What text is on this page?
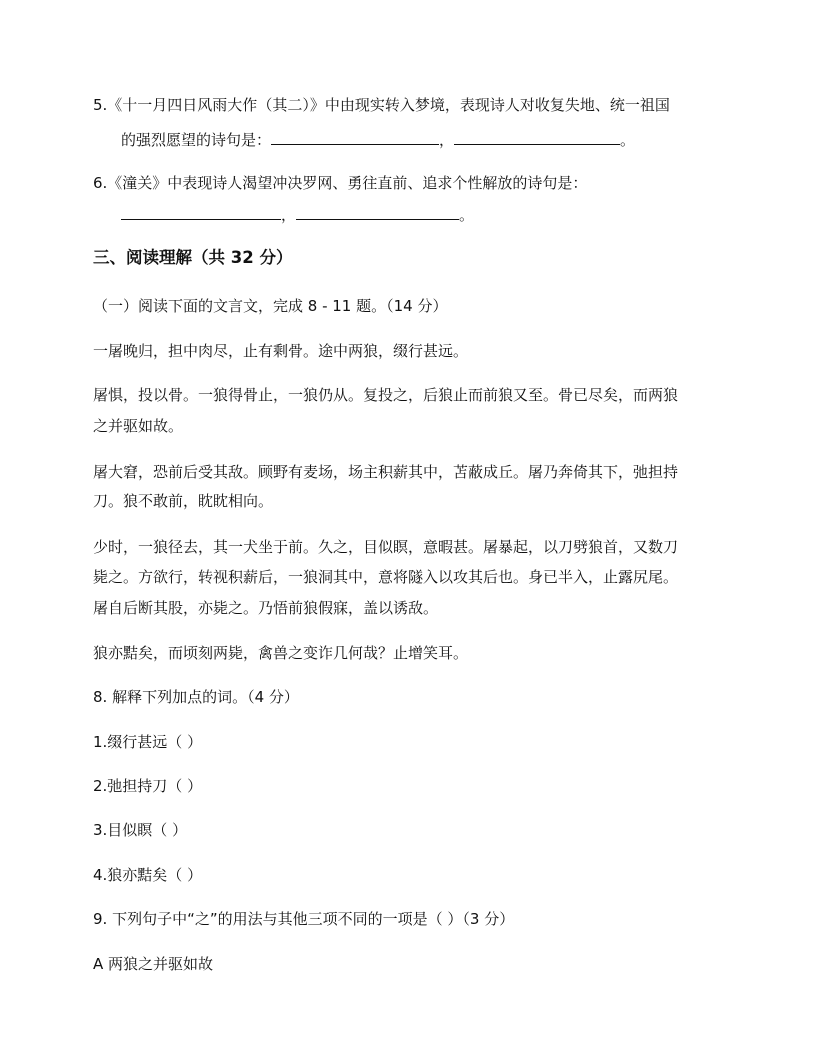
5.《十一月四日风雨大作（其二）》中由现实转入梦境，表现诗人对收复失地、统一祖国
的强烈愿望的诗句是：	，	。
6.《潼关》中表现诗人渴望冲决罗网、勇往直前、追求个性解放的诗句是：
，	。
三、阅读理解（共 32 分）
（一）阅读下面的文言文，完成 8 - 11 题。（14 分）
一屠晚归，担中肉尽，止有剩骨。途中两狼，缀行甚远。
屠惧，投以骨。一狼得骨止，一狼仍从。复投之，后狼止而前狼又至。骨已尽矣，而两狼
之并驱如故。
屠大窘，恐前后受其敌。顾野有麦场，场主积薪其中，苫蔽成丘。屠乃奔倚其下，弛担持
刀。狼不敢前，眈眈相向。
少时，一狼径去，其一犬坐于前。久之，目似瞑，意暇甚。屠暴起，以刀劈狼首，又数刀
毙之。方欲行，转视积薪后，一狼洞其中，意将隧入以攻其后也。身已半入，止露尻尾。
屠自后断其股，亦毙之。乃悟前狼假寐，盖以诱敌。
狼亦黠矣，而顷刻两毙，禽兽之变诈几何哉？止增笑耳。
8. 解释下列加点的词。（4 分）
1.缀行甚远（ ）
2.弛担持刀（ ）
3.目似瞑（ ）
4.狼亦黠矣（ ）
9. 下列句子中“之”的用法与其他三项不同的一项是（ ）（3 分）
A 两狼之并驱如故
